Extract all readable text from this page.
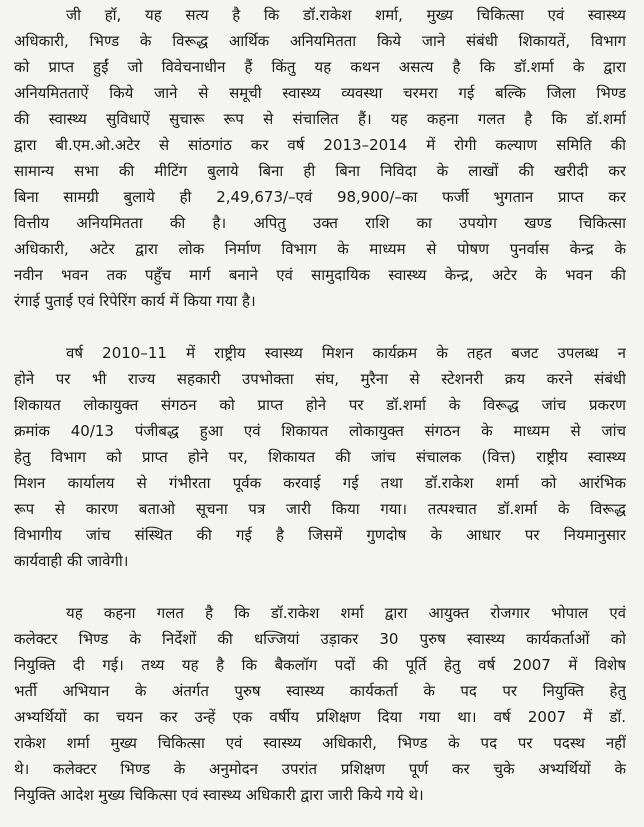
जी हॉ, यह सत्य है कि डॉ.राकेश शर्मा, मुख्य चिकित्सा एवं स्वास्थ्य
अधिकारी, भिण्ड के विरूद्ध आर्थिक अनियमितता किये जाने संबंधी शिकायतें, विभाग
को प्राप्त हुईं जो विवेचनाधीन हैं किंतु यह कथन असत्य है कि डॉ.शर्मा के द्वारा
अनियमितताऐं किये जाने से समूची स्वास्थ्य व्यवस्था चरमरा गई बल्कि जिला भिण्ड
की स्वास्थ्य सुविधाऐं सुचारू रूप से संचालित हैं। यह कहना गलत है कि डॉ.शर्मा
द्वारा बी.एम.ओ.अटेर से सांठगांठ कर वर्ष 2013–2014 में रोगी कल्याण समिति की
सामान्य सभा की मीटिंग बुलाये बिना ही बिना निविदा के लाखों की खरीदी कर
बिना सामग्री बुलाये ही 2,49,673/–एवं 98,900/–का फर्जी भुगतान प्राप्त कर
वित्तीय अनियमितता की है। अपितु उक्त राशि का उपयोग खण्ड चिकित्सा
अधिकारी, अटेर द्वारा लोक निर्माण विभाग के माध्यम से पोषण पुनर्वास केन्द्र के
नवीन भवन तक पहुँच मार्ग बनाने एवं सामुदायिक स्वास्थ्य केन्द्र, अटेर के भवन की
रंगाई पुताई एवं रिपेरिंग कार्य में किया गया है।
वर्ष 2010–11 में राष्ट्रीय स्वास्थ्य मिशन कार्यक्रम के तहत बजट उपलब्ध न
होने पर भी राज्य सहकारी उपभोक्ता संघ, मुरैना से स्टेशनरी क्रय करने संबंधी
शिकायत लोकायुक्त संगठन को प्राप्त होने पर डॉ.शर्मा के विरूद्ध जांच प्रकरण
क्रमांक 40/13 पंजीबद्ध हुआ एवं शिकायत लोकायुक्त संगठन के माध्यम से जांच
हेतु विभाग को प्राप्त होने पर, शिकायत की जांच संचालक (वित्त) राष्ट्रीय स्वास्थ्य
मिशन कार्यालय से गंभीरता पूर्वक करवाई गई तथा डॉ.राकेश शर्मा को आरंभिक
रूप से कारण बताओ सूचना पत्र जारी किया गया। तत्पश्चात डॉ.शर्मा के विरूद्ध
विभागीय जांच संस्थित की गई है जिसमें गुणदोष के आधार पर नियमानुसार
कार्यवाही की जावेगी।
यह कहना गलत है कि डॉ.राकेश शर्मा द्वारा आयुक्त रोजगार भोपाल एवं
कलेक्टर भिण्ड के निर्देशों की धज्जियां उड़ाकर 30 पुरुष स्वास्थ्य कार्यकर्ताओं को
नियुक्ति दी गई। तथ्य यह है कि बैकलॉग पदों की पूर्ति हेतु वर्ष 2007 में विशेष
भर्ती अभियान के अंतर्गत पुरुष स्वास्थ्य कार्यकर्ता के पद पर नियुक्ति हेतु
अभ्यर्थियों का चयन कर उन्हें एक वर्षीय प्रशिक्षण दिया गया था। वर्ष 2007 में डॉ.
राकेश शर्मा मुख्य चिकित्सा एवं स्वास्थ्य अधिकारी, भिण्ड के पद पर पदस्थ नहीं
थे। कलेक्टर भिण्ड के अनुमोदन उपरांत प्रशिक्षण पूर्ण कर चुके अभ्यर्थियों के
नियुक्ति आदेश मुख्य चिकित्सा एवं स्वास्थ्य अधिकारी द्वारा जारी किये गये थे।
